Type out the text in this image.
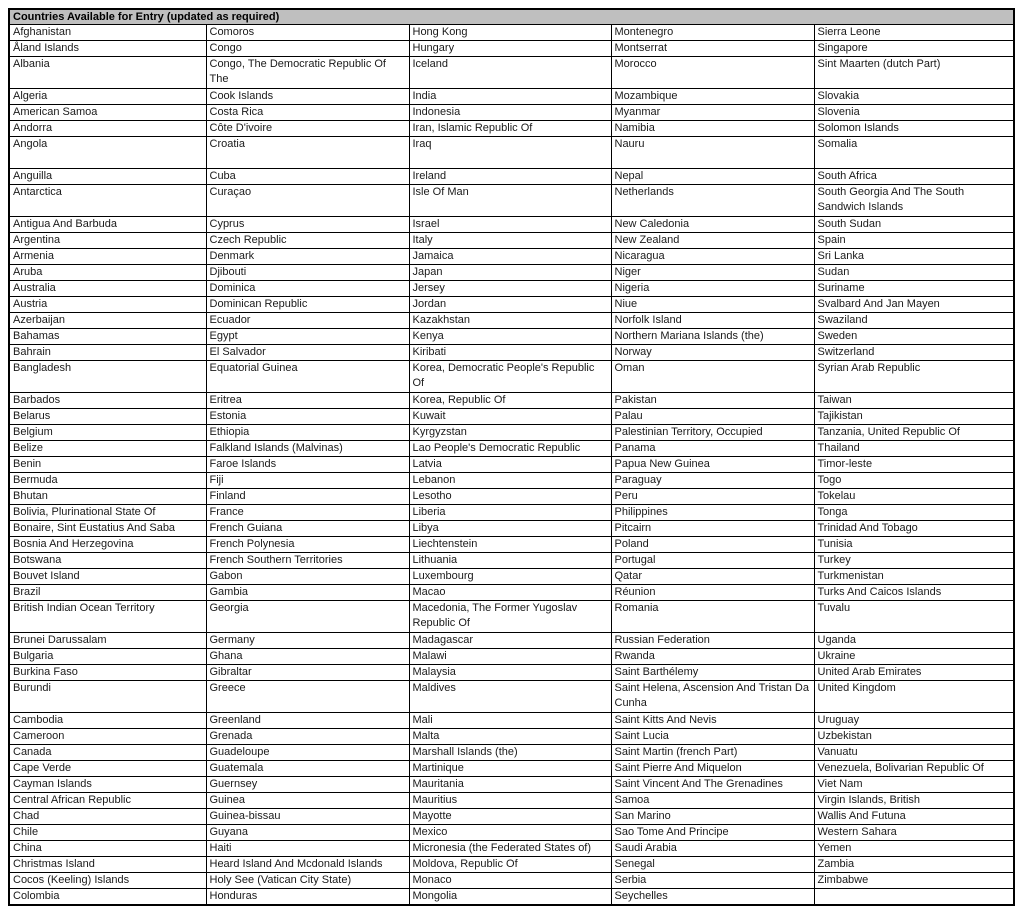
Countries Available for Entry (updated as required)				
Afghanistan	Comoros	Hong Kong	Montenegro	Sierra Leone
Åland Islands	Congo	Hungary	Montserrat	Singapore
Albania	Congo, The Democratic Republic Of The	Iceland	Morocco	Sint Maarten (dutch Part)
Algeria	Cook Islands	India	Mozambique	Slovakia
American Samoa	Costa Rica	Indonesia	Myanmar	Slovenia
Andorra	Côte D'ivoire	Iran, Islamic Republic Of	Namibia	Solomon Islands
Angola	Croatia	Iraq	Nauru	Somalia
Anguilla	Cuba	Ireland	Nepal	South Africa
Antarctica	Curaçao	Isle Of Man	Netherlands	South Georgia And The South Sandwich Islands
Antigua And Barbuda	Cyprus	Israel	New Caledonia	South Sudan
Argentina	Czech Republic	Italy	New Zealand	Spain
Armenia	Denmark	Jamaica	Nicaragua	Sri Lanka
Aruba	Djibouti	Japan	Niger	Sudan
Australia	Dominica	Jersey	Nigeria	Suriname
Austria	Dominican Republic	Jordan	Niue	Svalbard And Jan Mayen
Azerbaijan	Ecuador	Kazakhstan	Norfolk Island	Swaziland
Bahamas	Egypt	Kenya	Northern Mariana Islands (the)	Sweden
Bahrain	El Salvador	Kiribati	Norway	Switzerland
Bangladesh	Equatorial Guinea	Korea, Democratic People's Republic Of	Oman	Syrian Arab Republic
Barbados	Eritrea	Korea, Republic Of	Pakistan	Taiwan
Belarus	Estonia	Kuwait	Palau	Tajikistan
Belgium	Ethiopia	Kyrgyzstan	Palestinian Territory, Occupied	Tanzania, United Republic Of
Belize	Falkland Islands (Malvinas)	Lao People's Democratic Republic	Panama	Thailand
Benin	Faroe Islands	Latvia	Papua New Guinea	Timor-leste
Bermuda	Fiji	Lebanon	Paraguay	Togo
Bhutan	Finland	Lesotho	Peru	Tokelau
Bolivia, Plurinational State Of	France	Liberia	Philippines	Tonga
Bonaire, Sint Eustatius And Saba	French Guiana	Libya	Pitcairn	Trinidad And Tobago
Bosnia And Herzegovina	French Polynesia	Liechtenstein	Poland	Tunisia
Botswana	French Southern Territories	Lithuania	Portugal	Turkey
Bouvet Island	Gabon	Luxembourg	Qatar	Turkmenistan
Brazil	Gambia	Macao	Réunion	Turks And Caicos Islands
British Indian Ocean Territory	Georgia	Macedonia, The Former Yugoslav Republic Of	Romania	Tuvalu
Brunei Darussalam	Germany	Madagascar	Russian Federation	Uganda
Bulgaria	Ghana	Malawi	Rwanda	Ukraine
Burkina Faso	Gibraltar	Malaysia	Saint Barthélemy	United Arab Emirates
Burundi	Greece	Maldives	Saint Helena, Ascension And Tristan Da Cunha	United Kingdom
Cambodia	Greenland	Mali	Saint Kitts And Nevis	Uruguay
Cameroon	Grenada	Malta	Saint Lucia	Uzbekistan
Canada	Guadeloupe	Marshall Islands (the)	Saint Martin (french Part)	Vanuatu
Cape Verde	Guatemala	Martinique	Saint Pierre And Miquelon	Venezuela, Bolivarian Republic Of
Cayman Islands	Guernsey	Mauritania	Saint Vincent And The Grenadines	Viet Nam
Central African Republic	Guinea	Mauritius	Samoa	Virgin Islands, British
Chad	Guinea-bissau	Mayotte	San Marino	Wallis And Futuna
Chile	Guyana	Mexico	Sao Tome And Principe	Western Sahara
China	Haiti	Micronesia (the Federated States of)	Saudi Arabia	Yemen
Christmas Island	Heard Island And Mcdonald Islands	Moldova, Republic Of	Senegal	Zambia
Cocos (Keeling) Islands	Holy See (Vatican City State)	Monaco	Serbia	Zimbabwe
Colombia	Honduras	Mongolia	Seychelles	
